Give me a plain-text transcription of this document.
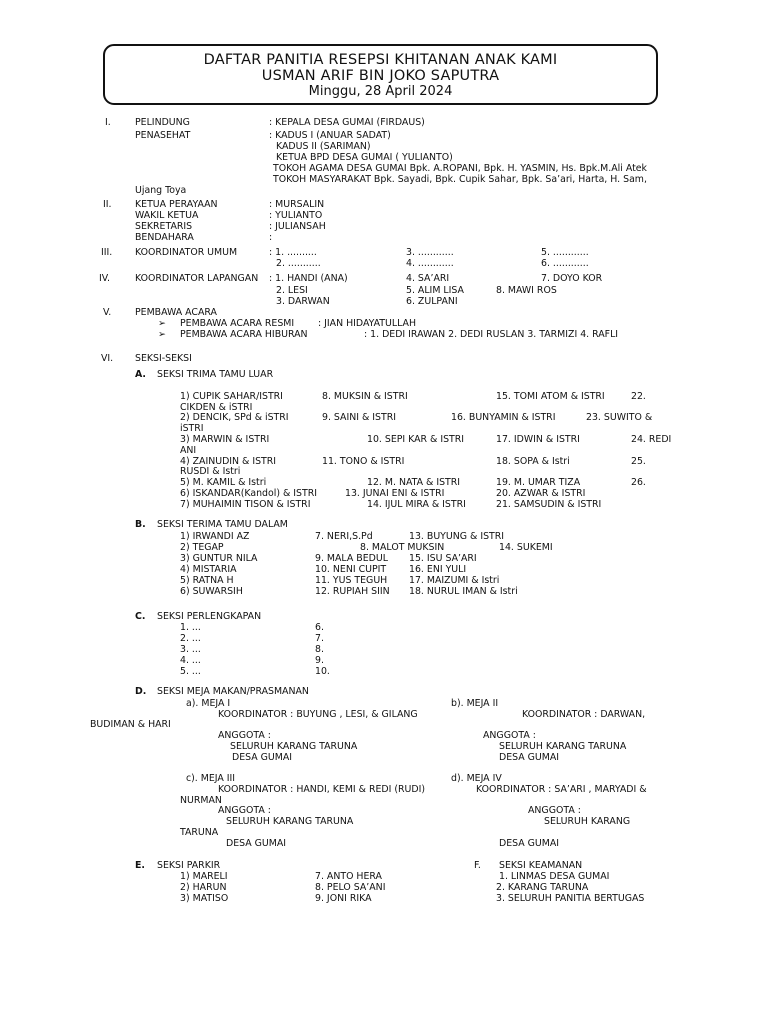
DAFTAR PANITIA RESEPSI KHITANAN ANAK KAMI
USMAN ARIF BIN JOKO SAPUTRA
Minggu, 28 April 2024
I.	PELINDUNG	: KEPALA DESA GUMAI (FIRDAUS)
PENASEHAT	: KADUS I (ANUAR SADAT)
KADUS II (SARIMAN)
KETUA BPD DESA GUMAI ( YULIANTO)
TOKOH AGAMA DESA GUMAI Bpk. A.ROPANI, Bpk. H. YASMIN, Hs. Bpk.M.Ali Atek
TOKOH MASYARAKAT Bpk. Sayadi, Bpk. Cupik Sahar, Bpk. Sa’ari, Harta, H. Sam,
Ujang Toya
II. KETUA PERAYAAN	: MURSALIN
WAKIL KETUA	: YULIANTO
SEKRETARIS	: JULIANSAH
BENDAHARA	:
III. KOORDINATOR UMUM	: 1. ..........
2. ...........
3. ............
4. ............
5. ............
6. ............
IV.	KOORDINATOR LAPANGAN : 1. HANDI (ANA)
2. LESI
3. DARWAN
4. SA’ARI
5. ALIM LISA
6. ZULPANI
7. DOYO KOR
8. MAWI ROS
V.	PEMBAWA ACARA
➢ PEMBAWA ACARA RESMI	: JIAN HIDAYATULLAH
➢ PEMBAWA ACARA HIBURAN	: 1. DEDI IRAWAN 2. DEDI RUSLAN 3. TARMIZI 4. RAFLI
VI. SEKSI-SEKSI
A. SEKSI TRIMA TAMU LUAR
1) CUPIK SAHAR/ISTRI	8. MUKSIN & ISTRI	15. TOMI ATOM & ISTRI	22.
CIKDEN & iSTRI
2) DENCIK, SPd & iSTRI	9. SAINI & ISTRI	16. BUNYAMIN & ISTRI	23. SUWITO &
iSTRI
3) MARWIN & ISTRI	10. SEPI KAR & ISTRI	17. IDWIN & ISTRI	24. REDI
ANI
4) ZAINUDIN & ISTRI	11. TONO & ISTRI	18. SOPA & Istri	25.
RUSDI & Istri
5) M. KAMIL & Istri	12. M. NATA & ISTRI	19. M. UMAR TIZA	26.
6) ISKANDAR(Kandol) & ISTRI	13. JUNAI ENI & ISTRI	20. AZWAR & ISTRI
7) MUHAIMIN TISON & ISTRI	14. IJUL MIRA & ISTRI	21. SAMSUDIN & ISTRI
B. SEKSI TERIMA TAMU DALAM
1) IRWANDI AZ	7. NERI,S.Pd	13. BUYUNG & ISTRI
2) TEGAP	8. MALOT MUKSIN	14. SUKEMI
3) GUNTUR NILA	9. MALA BEDUL 15. ISU SA’ARI
4) MISTARIA	10. NENI CUPIT 16. ENI YULI
5) RATNA H	11. YUS TEGUH 17. MAIZUMI & Istri
6) SUWARSIH	12. RUPIAH SIIN 18. NURUL IMAN & Istri
C. SEKSI PERLENGKAPAN
1. ...
2. ...
3. ...
4. ...
5. ...
6.
7.
8.
9.
10.
D. SEKSI MEJA MAKAN/PRASMANAN
a). MEJA I	b). MEJA II
KOORDINATOR : BUYUNG , LESI, & GILANG	KOORDINATOR : DARWAN,
BUDIMAN & HARI
ANGGOTA :	ANGGOTA :
SELURUH KARANG TARUNA	SELURUH KARANG TARUNA
DESA GUMAI	DESA GUMAI
c). MEJA III	d). MEJA IV
KOORDINATOR : HANDI, KEMI & REDI (RUDI)	KOORDINATOR : SA’ARI , MARYADI &
NURMAN
ANGGOTA :	ANGGOTA :
SELURUH KARANG TARUNA	SELURUH KARANG
TARUNA
DESA GUMAI	DESA GUMAI
E. SEKSI PARKIR
1) MARELI
2) HARUN
3) MATISO
7. ANTO HERA
8. PELO SA’ANI
9. JONI RIKA
F. SEKSI KEAMANAN
1. LINMAS DESA GUMAI
2. KARANG TARUNA
3. SELURUH PANITIA BERTUGAS
